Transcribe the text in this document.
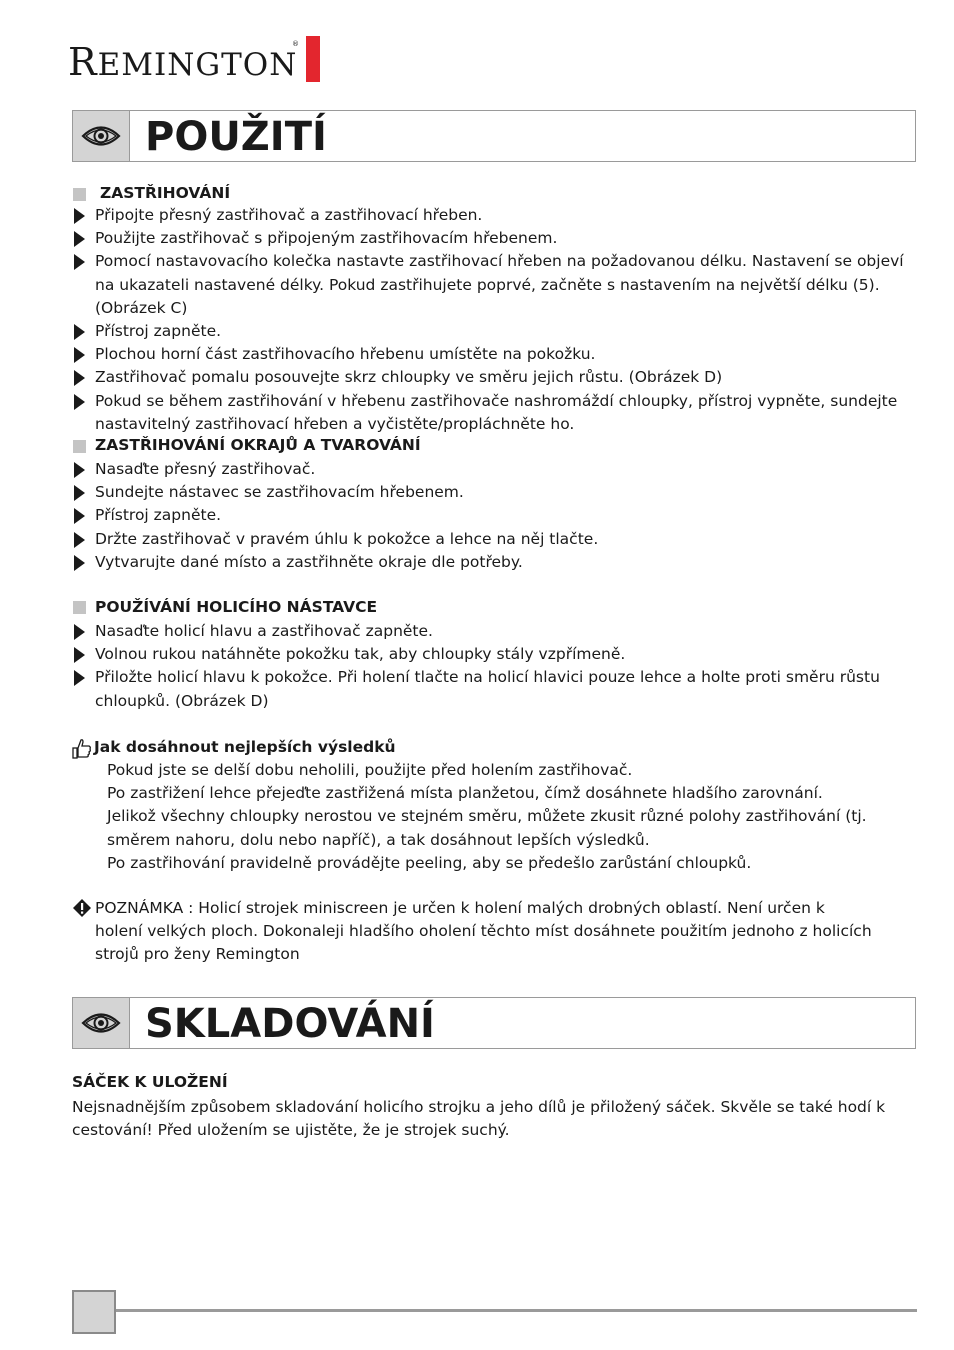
REMINGTON
®
POUŽITÍ
ZASTŘIHOVÁNÍ
Připojte přesný zastřihovač a zastřihovací hřeben.
Použijte zastřihovač s připojeným zastřihovacím hřebenem.
Pomocí nastavovacího kolečka nastavte zastřihovací hřeben na požadovanou délku. Nastavení se objeví na ukazateli nastavené délky. Pokud zastřihujete poprvé, začněte s nastavením na největší délku (5). (Obrázek C)
Přístroj zapněte.
Plochou horní část zastřihovacího hřebenu umístěte na pokožku.
Zastřihovač pomalu posouvejte skrz chloupky ve směru jejich růstu. (Obrázek D)
Pokud se během zastřihování v hřebenu zastřihovače nashromáždí chloupky, přístroj vypněte, sundejte nastavitelný zastřihovací hřeben a vyčistěte/propláchněte ho.
ZASTŘIHOVÁNÍ OKRAJŮ A TVAROVÁNÍ
Nasaďte přesný zastřihovač.
Sundejte nástavec se zastřihovacím hřebenem.
Přístroj zapněte.
Držte zastřihovač v pravém úhlu k pokožce a lehce na něj tlačte.
Vytvarujte dané místo a zastřihněte okraje dle potřeby.
POUŽÍVÁNÍ HOLICÍHO NÁSTAVCE
Nasaďte holicí hlavu a zastřihovač zapněte.
Volnou rukou natáhněte pokožku tak, aby chloupky stály vzpřímeně.
Přiložte holicí hlavu k pokožce. Při holení tlačte na holicí hlavici pouze lehce a holte proti směru růstu chloupků. (Obrázek D)
Jak dosáhnout nejlepších výsledků

Pokud jste se delší dobu neholili, použijte před holením zastřihovač.

Po zastřižení lehce přejeďte zastřižená místa planžetou, čímž dosáhnete hladšího zarovnání.

Jelikož všechny chloupky nerostou ve stejném směru, můžete zkusit různé polohy zastřihování (tj. směrem nahoru, dolu nebo napříč), a tak dosáhnout lepších výsledků.

Po zastřihování pravidelně provádějte peeling, aby se předešlo zarůstání chloupků.

POZNÁMKA : Holicí strojek miniscreen je určen k holení malých drobných oblastí. Není určen k holení velkých ploch. Dokonaleji hladšího oholení těchto míst dosáhnete použitím jednoho z holicích strojů pro ženy Remington
SKLADOVÁNÍ
SÁČEK K ULOŽENÍ
Nejsnadnějším způsobem skladování holicího strojku a jeho dílů je přiložený sáček. Skvěle se také hodí k cestování! Před uložením se ujistěte, že je strojek suchý.
